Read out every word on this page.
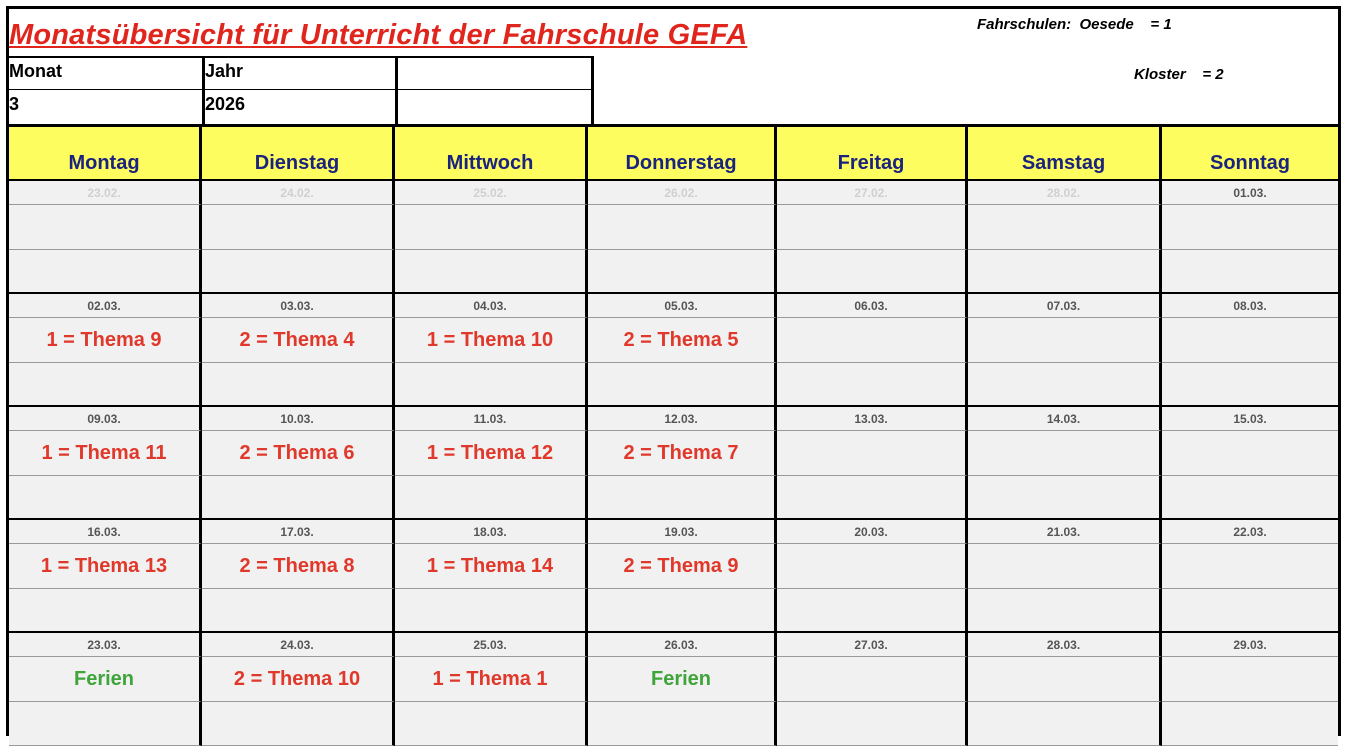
Monatsübersicht für Unterricht der Fahrschule GEFA
Monat	Jahr
3	2026
Fahrschulen:  Oesede    = 1
Kloster    = 2
Montag	Dienstag	Mittwoch	Donnerstag	Freitag	Samstag	Sonntag
23.02.	24.02.	25.02.	26.02.	27.02.	28.02.	01.03.
02.03.	03.03.	04.03.	05.03.	06.03.	07.03.	08.03.
1 = Thema 9	2 = Thema 4	1 = Thema 10	2 = Thema 5
09.03.	10.03.	11.03.	12.03.	13.03.	14.03.	15.03.
1 = Thema 11	2 = Thema 6	1 = Thema 12	2 = Thema 7
16.03.	17.03.	18.03.	19.03.	20.03.	21.03.	22.03.
1 = Thema 13	2 = Thema 8	1 = Thema 14	2 = Thema 9
23.03.	24.03.	25.03.	26.03.	27.03.	28.03.	29.03.
Ferien	2 = Thema 10	1 = Thema 1	Ferien
